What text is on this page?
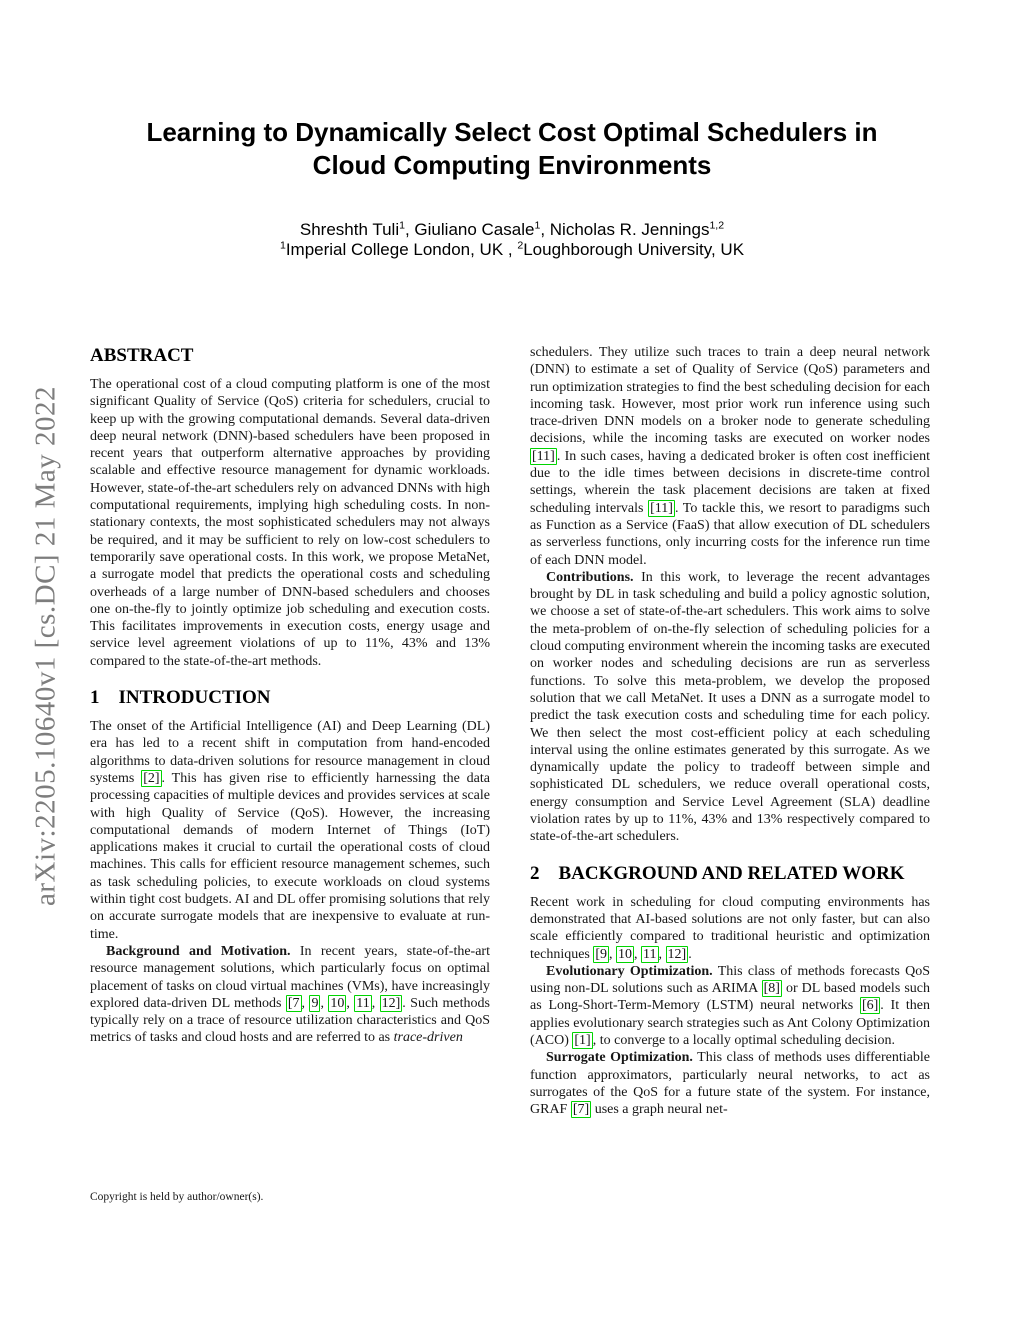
arXiv:2205.10640v1 [cs.DC] 21 May 2022
Learning to Dynamically Select Cost Optimal Schedulers in
Cloud Computing Environments
Shreshth Tuli$^1$, Giuliano Casale$^1$, Nicholas R. Jennings$^{1,2}$
$^1$Imperial College London, UK , $^2$Loughborough University, UK
ABSTRACT

The operational cost of a cloud computing platform is one of the most significant Quality of Service (QoS) criteria for schedulers, crucial to keep up with the growing computational demands. Several data-driven deep neural network (DNN)-based schedulers have been proposed in recent years that outperform alternative approaches by providing scalable and effective resource management for dynamic workloads. However, state-of-the-art schedulers rely on advanced DNNs with high computational requirements, implying high scheduling costs. In non-stationary contexts, the most sophisticated schedulers may not always be required, and it may be sufficient to rely on low-cost schedulers to temporarily save operational costs. In this work, we propose MetaNet, a surrogate model that predicts the operational costs and scheduling overheads of a large number of DNN-based schedulers and chooses one on-the-fly to jointly optimize job scheduling and execution costs. This facilitates improvements in execution costs, energy usage and service level agreement violations of up to 11%, 43% and 13% compared to the state-of-the-art methods.

1 INTRODUCTION

The onset of the Artificial Intelligence (AI) and Deep Learning (DL) era has led to a recent shift in computation from hand-encoded algorithms to data-driven solutions for resource management in cloud systems [2] . This has given rise to efficiently harnessing the data processing capacities of multiple devices and provides services at scale with high Quality of Service (QoS). However, the increasing computational demands of modern Internet of Things (IoT) applications makes it crucial to curtail the operational costs of cloud machines. This calls for efficient resource management schemes, such as task scheduling policies, to execute workloads on cloud systems within tight cost budgets. AI and DL offer promising solutions that rely on accurate surrogate models that are inexpensive to evaluate at run-time.

Background and Motivation. In recent years, state-of-the-art resource management solutions, which particularly focus on optimal placement of tasks on cloud virtual machines (VMs), have increasingly explored data-driven DL methods [7 , 9 , 10 , 11 , 12] . Such methods typically rely on a trace of resource utilization characteristics and QoS metrics of tasks and cloud hosts and are referred to as trace-driven

schedulers. They utilize such traces to train a deep neural network (DNN) to estimate a set of Quality of Service (QoS) parameters and run optimization strategies to find the best scheduling decision for each incoming task. However, most prior work run inference using such trace-driven DNN models on a broker node to generate scheduling decisions, while the incoming tasks are executed on worker nodes [11] . In such cases, having a dedicated broker is often cost inefficient due to the idle times between decisions in discrete-time control settings, wherein the task placement decisions are taken at fixed scheduling intervals [11] . To tackle this, we resort to paradigms such as Function as a Service (FaaS) that allow execution of DL schedulers as serverless functions, only incurring costs for the inference run time of each DNN model.

Contributions. In this work, to leverage the recent advantages brought by DL in task scheduling and build a policy agnostic solution, we choose a set of state-of-the-art schedulers. This work aims to solve the meta-problem of on-the-fly selection of scheduling policies for a cloud computing environment wherein the incoming tasks are executed on worker nodes and scheduling decisions are run as serverless functions. To solve this meta-problem, we develop the proposed solution that we call MetaNet. It uses a DNN as a surrogate model to predict the task execution costs and scheduling time for each policy. We then select the most cost-efficient policy at each scheduling interval using the online estimates generated by this surrogate. As we dynamically update the policy to tradeoff between simple and sophisticated DL schedulers, we reduce overall operational costs, energy consumption and Service Level Agreement (SLA) deadline violation rates by up to 11%, 43% and 13% respectively compared to state-of-the-art schedulers.

2 BACKGROUND AND RELATED WORK

Recent work in scheduling for cloud computing environments has demonstrated that AI-based solutions are not only faster, but can also scale efficiently compared to traditional heuristic and optimization techniques [9 , 10 , 11 , 12] .

Evolutionary Optimization. This class of methods forecasts QoS using non-DL solutions such as ARIMA [8] or DL based models such as Long-Short-Term-Memory (LSTM) neural networks [6] . It then applies evolutionary search strategies such as Ant Colony Optimization (ACO) [1] , to converge to a locally optimal scheduling decision.

Surrogate Optimization. This class of methods uses differentiable function approximators, particularly neural networks, to act as surrogates of the QoS for a future state of the system. For instance, GRAF [7] uses a graph neural net-

Copyright is held by author/owner(s).
